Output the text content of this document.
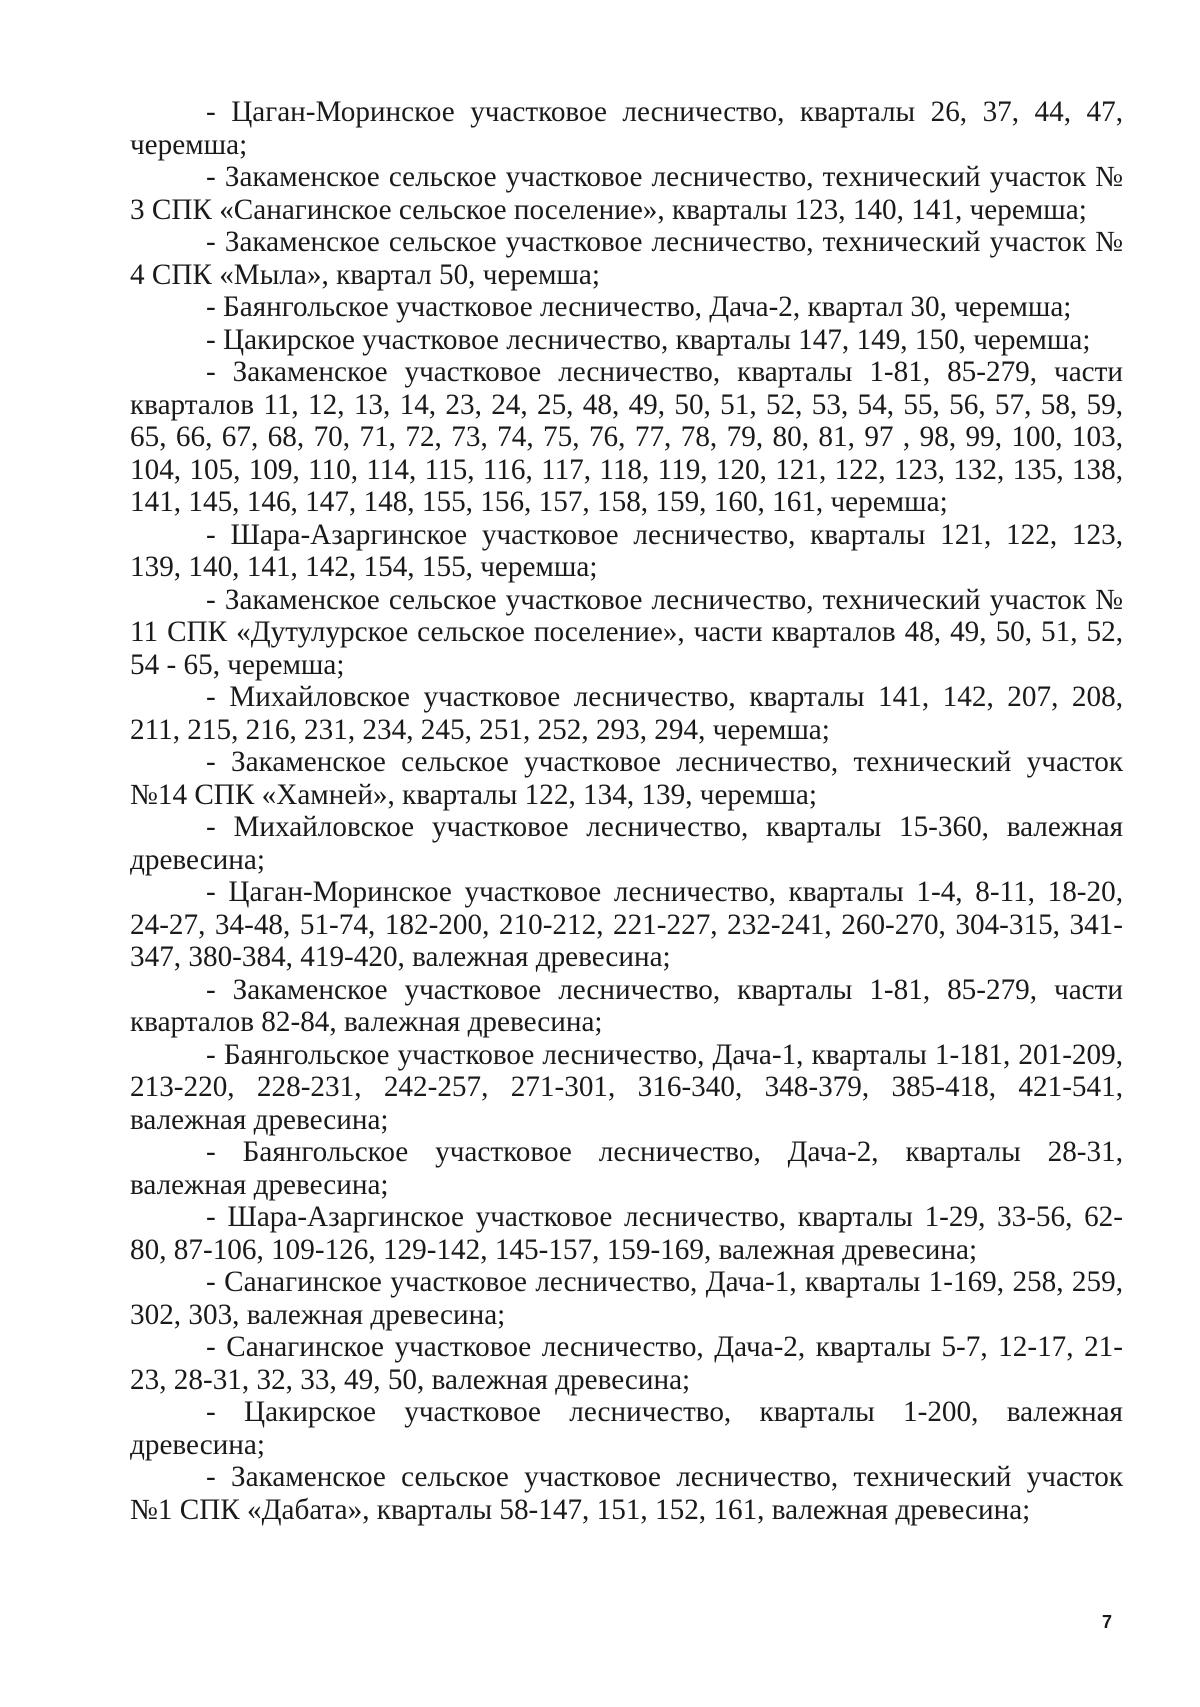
- Цаган-Моринское участковое лесничество, кварталы 26, 37, 44, 47, черемша;

- Закаменское сельское участковое лесничество, технический участок № 3 СПК «Санагинское сельское поселение», кварталы 123, 140, 141, черемша;

- Закаменское сельское участковое лесничество, технический участок № 4 СПК «Мыла», квартал 50, черемша;

- Баянгольское участковое лесничество, Дача-2, квартал 30, черемша;

- Цакирское участковое лесничество, кварталы 147, 149, 150, черемша;

- Закаменское участковое лесничество, кварталы 1-81, 85-279, части кварталов 11, 12, 13, 14, 23, 24, 25, 48, 49, 50, 51, 52, 53, 54, 55, 56, 57, 58, 59, 65, 66, 67, 68, 70, 71, 72, 73, 74, 75, 76, 77, 78, 79, 80, 81, 97 , 98, 99, 100, 103, 104, 105, 109, 110, 114, 115, 116, 117, 118, 119, 120, 121, 122, 123, 132, 135, 138, 141, 145, 146, 147, 148, 155, 156, 157, 158, 159, 160, 161, черемша;

- Шара-Азаргинское участковое лесничество, кварталы 121, 122, 123, 139, 140, 141, 142, 154, 155, черемша;

- Закаменское сельское участковое лесничество, технический участок № 11 СПК «Дутулурское сельское поселение», части кварталов 48, 49, 50, 51, 52, 54 - 65, черемша;

- Михайловское участковое лесничество, кварталы 141, 142, 207, 208, 211, 215, 216, 231, 234, 245, 251, 252, 293, 294, черемша;

- Закаменское сельское участковое лесничество, технический участок №14 СПК «Хамней», кварталы 122, 134, 139, черемша;

- Михайловское участковое лесничество, кварталы 15-360, валежная древесина;

- Цаган-Моринское участковое лесничество, кварталы 1-4, 8-11, 18-20, 24-27, 34-48, 51-74, 182-200, 210-212, 221-227, 232-241, 260-270, 304-315, 341-347, 380-384, 419-420, валежная древесина;

- Закаменское участковое лесничество, кварталы 1-81, 85-279, части кварталов 82-84, валежная древесина;

- Баянгольское участковое лесничество, Дача-1, кварталы 1-181, 201-209, 213-220, 228-231, 242-257, 271-301, 316-340, 348-379, 385-418, 421-541, валежная древесина;

- Баянгольское участковое лесничество, Дача-2, кварталы 28-31, валежная древесина;

- Шара-Азаргинское участковое лесничество, кварталы 1-29, 33-56, 62-80, 87-106, 109-126, 129-142, 145-157, 159-169, валежная древесина;

- Санагинское участковое лесничество, Дача-1, кварталы 1-169, 258, 259, 302, 303, валежная древесина;

- Санагинское участковое лесничество, Дача-2, кварталы 5-7, 12-17, 21-23, 28-31, 32, 33, 49, 50, валежная древесина;

- Цакирское участковое лесничество, кварталы 1-200, валежная древесина;

- Закаменское сельское участковое лесничество, технический участок №1 СПК «Дабата», кварталы 58-147, 151, 152, 161, валежная древесина;

7
